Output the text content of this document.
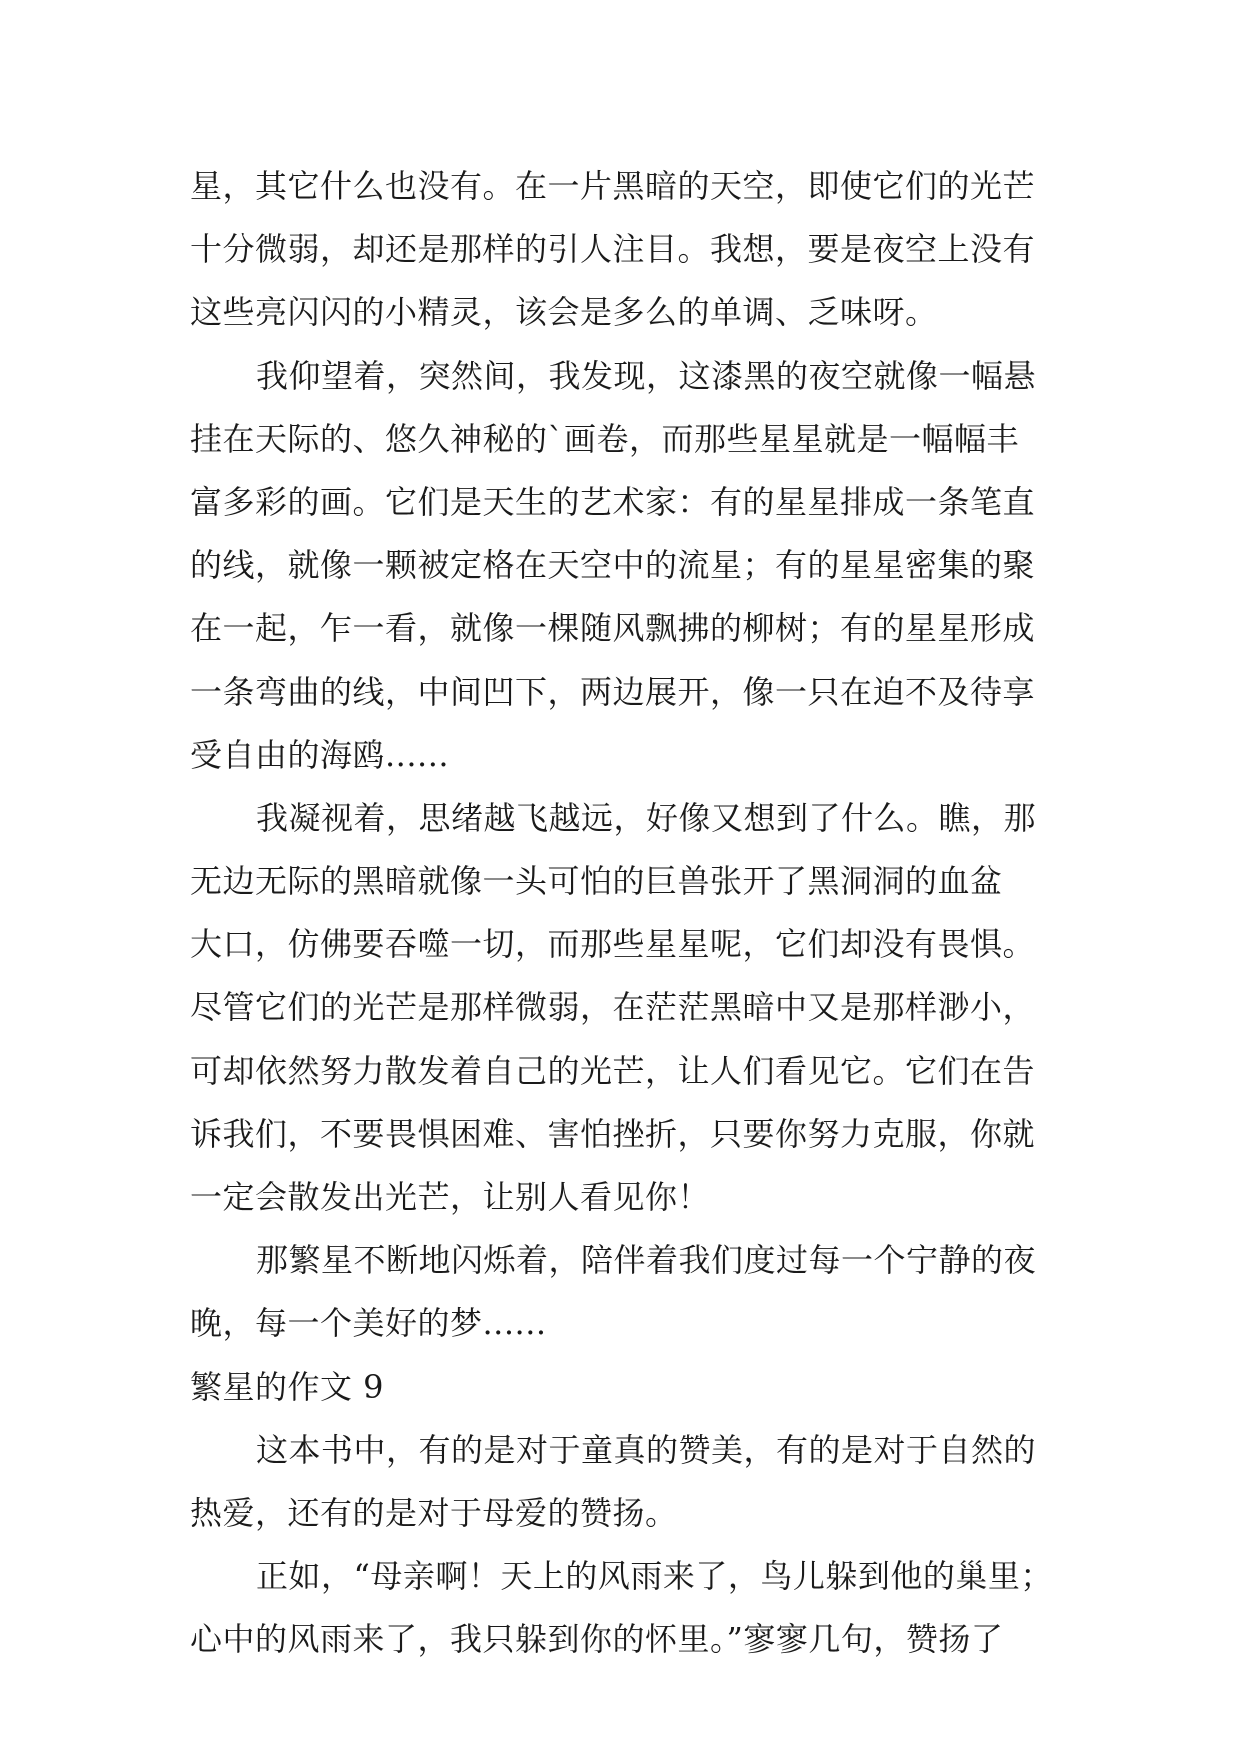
星，其它什么也没有。在一片黑暗的天空，即使它们的光芒
十分微弱，却还是那样的引人注目。我想，要是夜空上没有
这些亮闪闪的小精灵，该会是多么的单调、乏味呀。
我仰望着，突然间，我发现，这漆黑的夜空就像一幅悬
挂在天际的、悠久神秘的`画卷，而那些星星就是一幅幅丰
富多彩的画。它们是天生的艺术家：有的星星排成一条笔直
的线，就像一颗被定格在天空中的流星；有的星星密集的聚
在一起，乍一看，就像一棵随风飘拂的柳树；有的星星形成
一条弯曲的线，中间凹下，两边展开，像一只在迫不及待享
受自由的海鸥......
我凝视着，思绪越飞越远，好像又想到了什么。瞧，那
无边无际的黑暗就像一头可怕的巨兽张开了黑洞洞的血盆
大口，仿佛要吞噬一切，而那些星星呢，它们却没有畏惧。
尽管它们的光芒是那样微弱，在茫茫黑暗中又是那样渺小，
可却依然努力散发着自己的光芒，让人们看见它。它们在告
诉我们，不要畏惧困难、害怕挫折，只要你努力克服，你就
一定会散发出光芒，让别人看见你！
那繁星不断地闪烁着，陪伴着我们度过每一个宁静的夜
晚，每一个美好的梦......
繁星的作文 9
这本书中，有的是对于童真的赞美，有的是对于自然的
热爱，还有的是对于母爱的赞扬。
正如，“母亲啊！天上的风雨来了，鸟儿躲到他的巢里；
心中的风雨来了，我只躲到你的怀里。”寥寥几句，赞扬了
